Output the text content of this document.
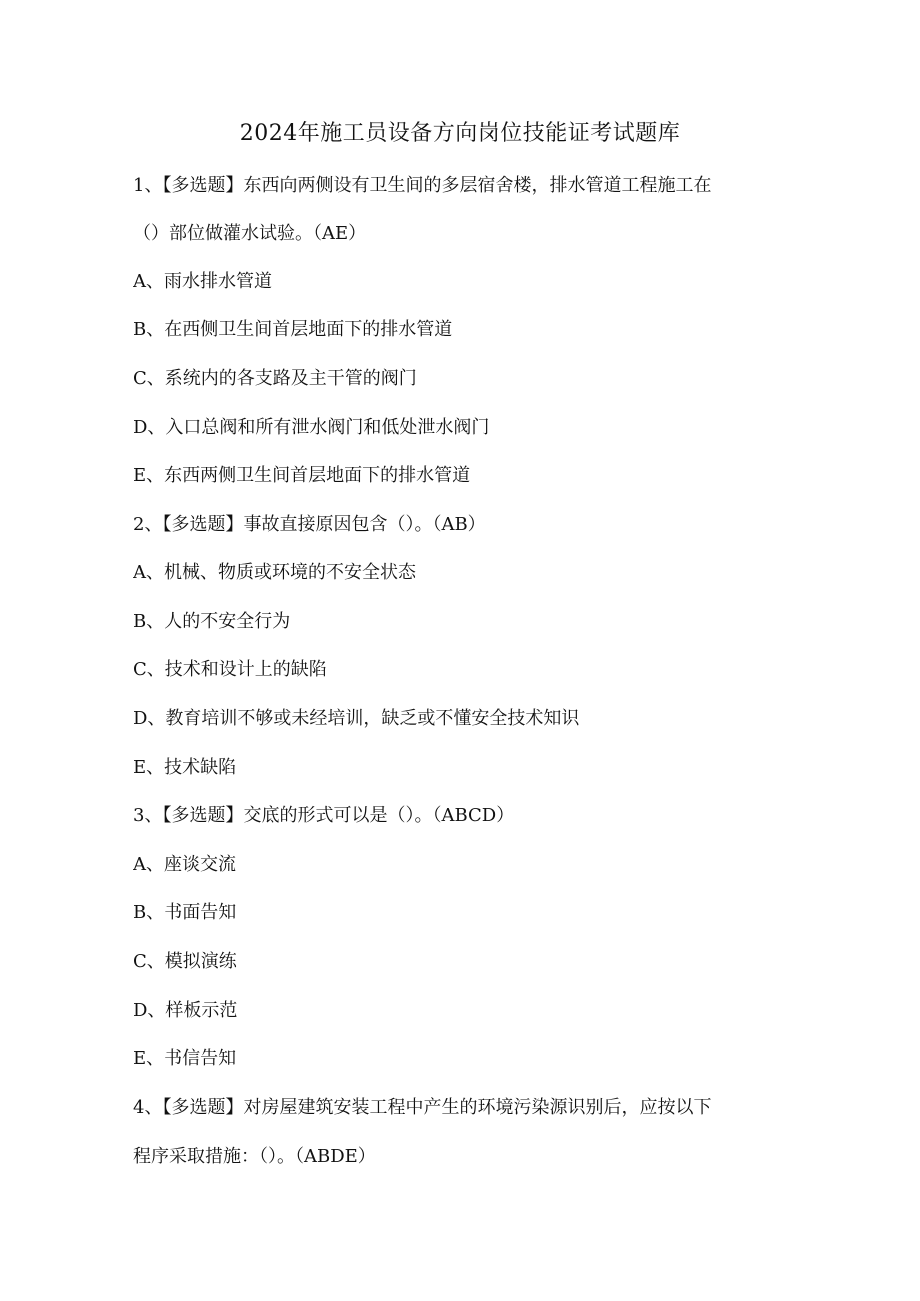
2024年施工员设备方向岗位技能证考试题库
1、【多选题】东西向两侧设有卫生间的多层宿舍楼，排水管道工程施工在
（）部位做灌水试验。（AE）
A、雨水排水管道
B、在西侧卫生间首层地面下的排水管道
C、系统内的各支路及主干管的阀门
D、入口总阀和所有泄水阀门和低处泄水阀门
E、东西两侧卫生间首层地面下的排水管道
2、【多选题】事故直接原因包含（）。（AB）
A、机械、物质或环境的不安全状态
B、人的不安全行为
C、技术和设计上的缺陷
D、教育培训不够或未经培训，缺乏或不懂安全技术知识
E、技术缺陷
3、【多选题】交底的形式可以是（）。（ABCD）
A、座谈交流
B、书面告知
C、模拟演练
D、样板示范
E、书信告知
4、【多选题】对房屋建筑安装工程中产生的环境污染源识别后，应按以下
程序采取措施：（）。（ABDE）
